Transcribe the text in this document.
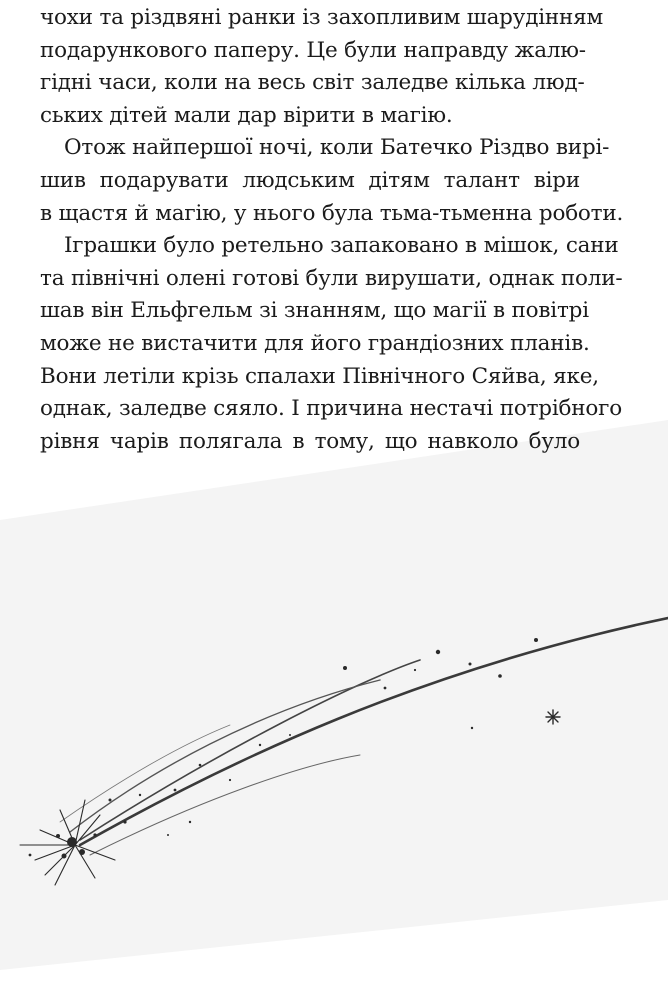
чохи та різдвяні ранки із захопливим шарудінням
подарункового паперу. Це були направду жалю-
гідні часи, коли на весь світ заледве кілька люд-
ських дітей мали дар вірити в магію.
Отож найпершої ночі, коли Батечко Різдво вирі-
шив подарувати людським дітям талант віри
в щастя й магію, у нього була тьма-тьменна роботи.
Іграшки було ретельно запаковано в мішок, сани
та північні олені готові були вирушати, однак поли-
шав він Ельфгельм зі знанням, що магії в повітрі
може не вистачити для його грандіозних планів.
Вони летіли крізь спалахи Північного Сяйва, яке,
однак, заледве сяяло. І причина нестачі потрібного
рівня чарів полягала в тому, що навколо було
